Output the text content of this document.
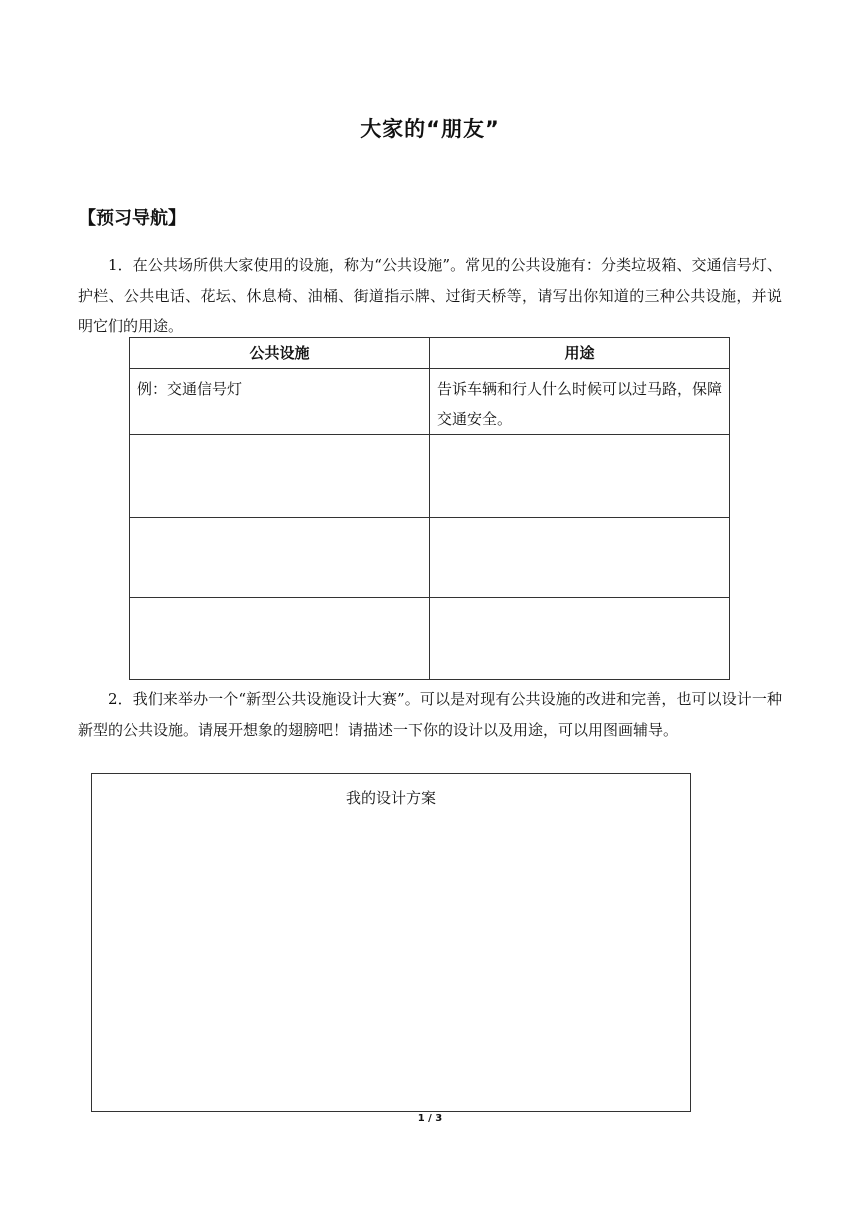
大家的“朋友”
【预习导航】

1．在公共场所供大家使用的设施，称为“公共设施”。常见的公共设施有：分类垃圾箱、交通信号灯、护栏、公共电话、花坛、休息椅、油桶、街道指示牌、过街天桥等，请写出你知道的三种公共设施，并说明它们的用途。

公共设施	用途
例：交通信号灯	告诉车辆和行人什么时候可以过马路，保障交通安全。

2．我们来举办一个“新型公共设施设计大赛”。可以是对现有公共设施的改进和完善，也可以设计一种新型的公共设施。请展开想象的翅膀吧！请描述一下你的设计以及用途，可以用图画辅导。

我的设计方案
1 / 3
